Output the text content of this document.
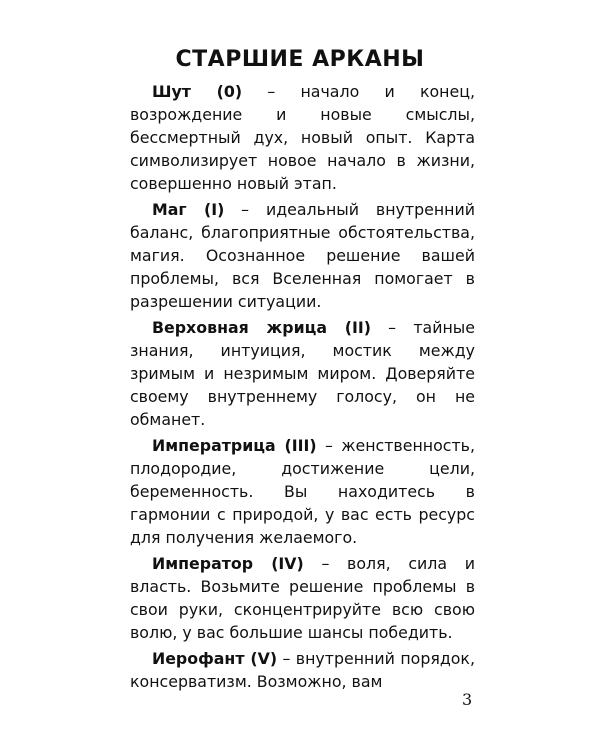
СТАРШИЕ АРКАНЫ

Шут (0) – начало и конец, возрождение и новые смыслы, бессмертный дух, новый опыт. Карта символизирует новое начало в жизни, совершенно новый этап.

Маг (I) – идеальный внутренний баланс, благоприятные обстоятельства, магия. Осознанное решение вашей проблемы, вся Вселенная помогает в разрешении ситуации.

Верховная жрица (II) – тайные знания, интуиция, мостик между зримым и незримым миром. Доверяйте своему внутреннему голосу, он не обманет.

Императрица (III) – женственность, плодородие, достижение цели, беременность. Вы находитесь в гармонии с природой, у вас есть ресурс для получения желаемого.

Император (IV) – воля, сила и власть. Возьмите решение проблемы в свои руки, сконцентрируйте всю свою волю, у вас большие шансы победить.

Иерофант (V) – внутренний порядок, консерватизм. Возможно, вам

3
